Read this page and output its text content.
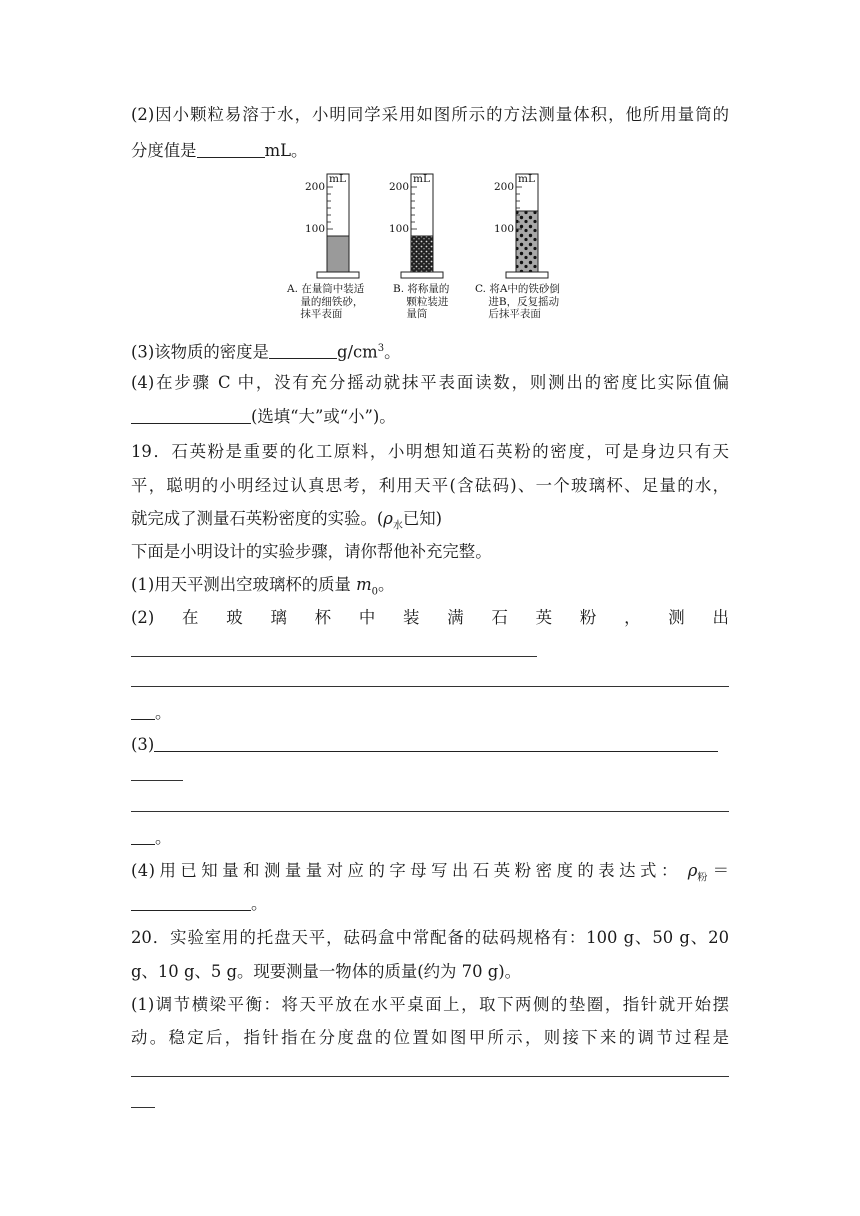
(2)因小颗粒易溶于水，小明同学采用如图所示的方法测量体积，他所用量筒的
分度值是	mL。
mL	mL	mL
200
100
200
100
200
100
A. 在量筒中装适
量的细铁砂，
抹平表面
B. 将称量的
颗粒装进
量筒
C. 将A中的铁砂倒
进B，反复摇动
后抹平表面
(3)该物质的密度是	$g/cm^3$。
(4)在步骤 C 中，没有充分摇动就抹平表面读数，则测出的密度比实际值偏
(选填“大”或“小”)。
19．石英粉是重要的化工原料，小明想知道石英粉的密度，可是身边只有天
平，聪明的小明经过认真思考，利用天平(含砝码)、一个玻璃杯、足量的水，
就完成了测量石英粉密度的实验。($\rho_水$已知)
下面是小明设计的实验步骤，请你帮他补充完整。
(1)用天平测出空玻璃杯的质量 $m_0$。
(2) 在 玻 璃 杯 中 装 满 石 英 粉 ， 测 出
。
(3)
。
(4)用已知量和测量量对应的字母写出石英粉密度的表达式： $\rho_粉$ ＝
。
20．实验室用的托盘天平，砝码盒中常配备的砝码规格有：100 g、50 g、20
g、10 g、5 g。现要测量一物体的质量(约为 70 g)。
(1)调节横梁平衡：将天平放在水平桌面上，取下两侧的垫圈，指针就开始摆
动。稳定后，指针指在分度盘的位置如图甲所示，则接下来的调节过程是
